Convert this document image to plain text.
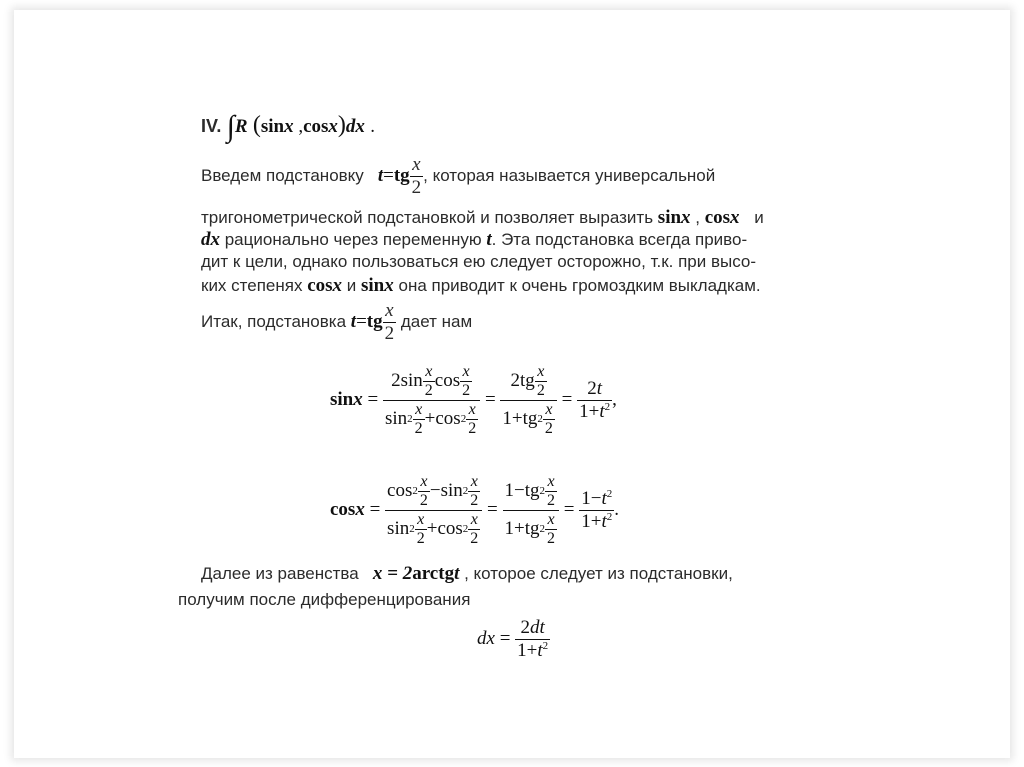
IV. ∫R (sinx ,cosx)dx .
Введем подстановку t = tg $\frac{x}{2}$ , которая называется универсальной
тригонометрической подстановкой и позволяет выразить sinx , cosx и
dx рационально через переменную t. Эта подстановка всегда приво-
дит к цели, однако пользоваться ею следует осторожно, т.к. при высо-
ких степенях cosx и sinx она приводит к очень громоздким выкладкам.
Итак, подстановка
t = tg $\frac{x}{2}$
дает нам
$\sin x = \frac{2\sin \frac{x}{2} \cos \frac{x}{2}}{\sin 2 \frac{x}{2} + \cos 2 \frac{x}{2}} = \frac{2tg \frac{x}{2}}{1+ tg 2 \frac{x}{2}} = \frac{2t}{1+t^2}$ ,
$\cos x = \frac{\cos 2 \frac{x}{2} - \sin 2 \frac{x}{2}}{\sin 2 \frac{x}{2} + \cos 2 \frac{x}{2}} = \frac{1- tg 2 \frac{x}{2}}{1+ tg 2 \frac{x}{2}} = \frac{1-t^2}{1+t^2}$ .
Далее из равенства x = 2arctgt , которое следует из подстановки,
получим после дифференцирования
dx
=
$\frac{2dt}{1+t^2}$
